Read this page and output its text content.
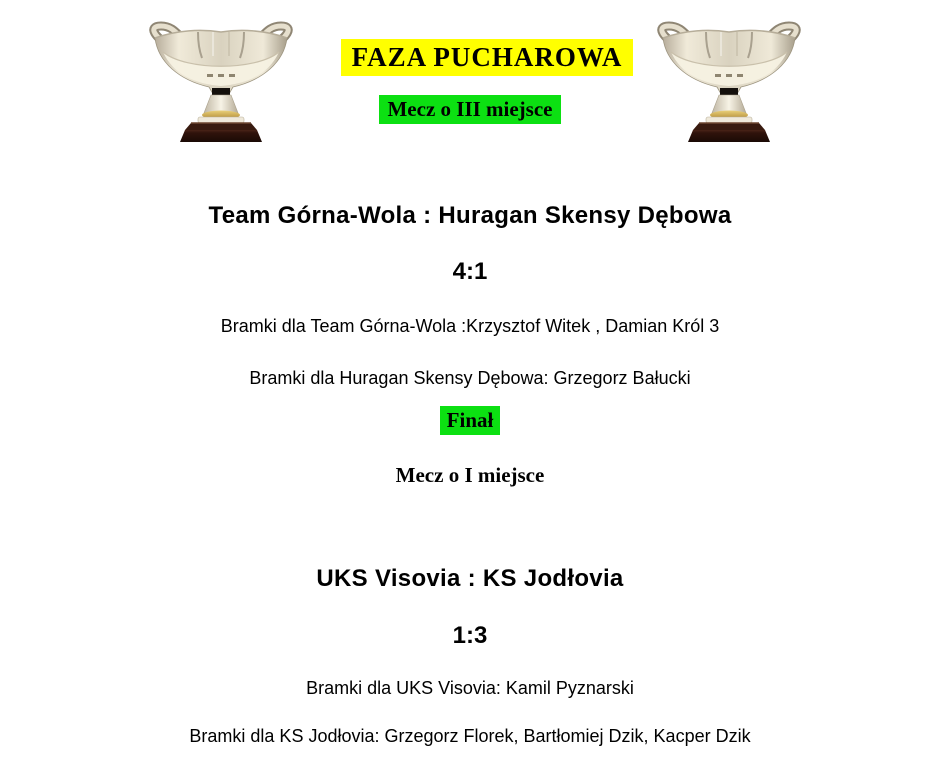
FAZA PUCHAROWA
Mecz o III miejsce
Team Górna-Wola : Huragan Skensy Dębowa
4:1
Bramki dla Team Górna-Wola :Krzysztof Witek , Damian Król 3
Bramki dla Huragan Skensy Dębowa: Grzegorz Bałucki
Finał
Mecz o I miejsce
UKS Visovia : KS Jodłovia
1:3
Bramki dla UKS Visovia: Kamil Pyznarski
Bramki dla KS Jodłovia: Grzegorz Florek, Bartłomiej Dzik, Kacper Dzik
